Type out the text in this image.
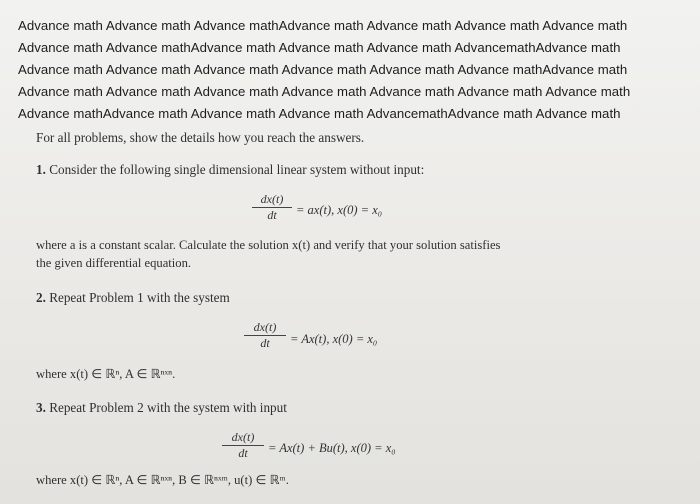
Advance math Advance math Advance mathAdvance math Advance math Advance math Advance math
Advance math Advance mathAdvance math Advance math Advance math AdvancemathAdvance math
Advance math Advance math Advance math Advance math Advance math Advance mathAdvance math
Advance math Advance math Advance math Advance math Advance math Advance math Advance math
Advance mathAdvance math Advance math Advance math AdvancemathAdvance math Advance math
For all problems, show the details how you reach the answers.
1. Consider the following single dimensional linear system without input:
$\frac{dx(t)}{dt} = ax(t)$, x(0) = x₀
where a is a constant scalar. Calculate the solution x(t) and verify that your solution satisfies
the given differential equation.
2. Repeat Problem 1 with the system
$\frac{dx(t)}{dt} = Ax(t)$, x(0) = x₀
where x(t) ∈ ℝⁿ, A ∈ ℝⁿˣⁿ.
3. Repeat Problem 2 with the system with input
$\frac{dx(t)}{dt} = Ax(t) + Bu(t)$, x(0) = x₀
where x(t) ∈ ℝⁿ, A ∈ ℝⁿˣⁿ, B ∈ ℝⁿˣᵐ, u(t) ∈ ℝᵐ.
